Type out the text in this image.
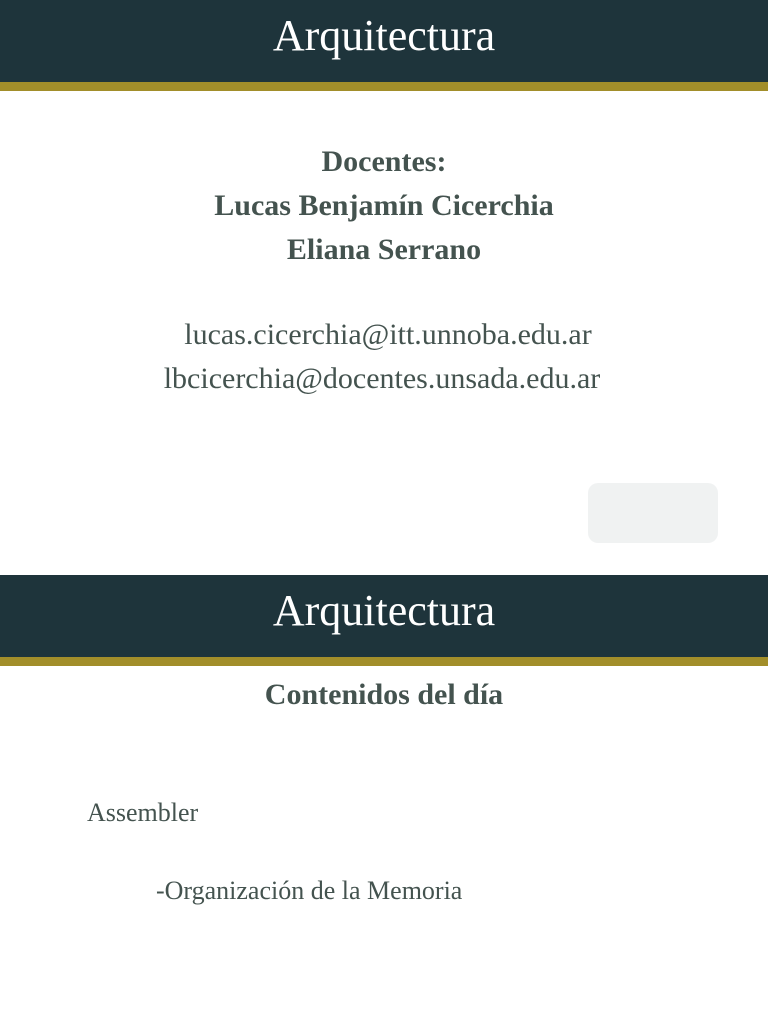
Arquitectura
Docentes:
Lucas Benjamín Cicerchia
Eliana Serrano
lucas.cicerchia@itt.unnoba.edu.ar
lbcicerchia@docentes.unsada.edu.ar
Arquitectura
Contenidos del día
Assembler
-Organización de la Memoria
